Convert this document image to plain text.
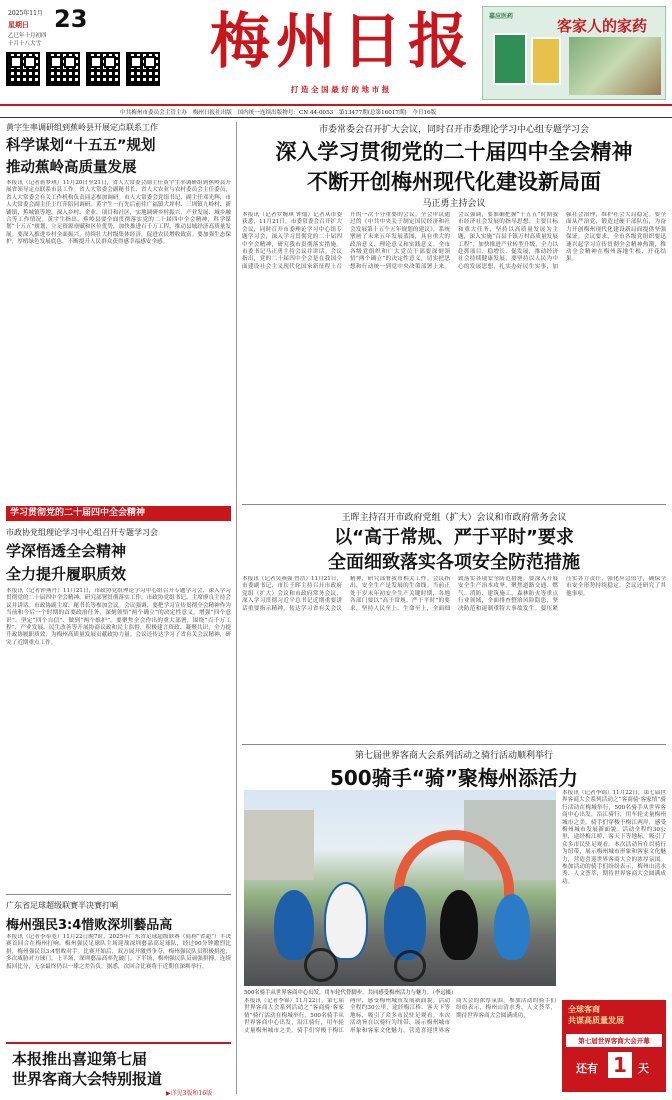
2025年11月 23
星期日
乙巳年十月初四
十月十八大雪	梅州日报
打 造 全 国 最 好 的 地 市 报
嘉应医药
客家人的家药
中共梅州市委员会主管主办　梅州日报社出版　国内统一连续出版物号：CN 44-0053　第13477期(总第16017期)　今日16版
黄宇生率调研组到蕉岭县开展定点联系工作
科学谋划“十五五”规划
推动蕉岭高质量发展
本报讯（记者蒋梦琪）11月20日至21日，省人大常委会副主任黄宇生率调研组到蕉岭县开展省领导定点联系市县工作。省人大常委会副秘书长、省人大农业与农村委员会主任委员，省人大常委会有关工作机构负责同志参加调研。市人大常委会党组书记、副主任邓光辉，市人大常委会副主任王红萍陪同调研。黄宇生一行先后前往广福镇大坪村、三圳镇九岭村、新铺镇、蕉城镇等地，深入乡村、企业、项目和社区，实地调研乡村振兴、产业发展、城乡融合等工作情况。黄宇生指出，蕉岭县要全面贯彻落实党的二十届四中全会精神，科学谋划“十五五”规划，立足资源禀赋和区位优势，加快推进百千万工程，推动县域经济高质量发展。要深入推进乡村全面振兴，持续壮大村级集体经济，促进农民增收致富。要加强生态保护，厚植绿色发展底色，不断提升人民群众获得感幸福感安全感。
学习贯彻党的二十届四中全会精神
市政协党组理论学习中心组召开专题学习会
学深悟透全会精神
全力提升履职质效
本报讯（记者钟燕丹）11月21日，市政协党组理论学习中心组召开专题学习会，深入学习贯彻党的二十届四中全会精神，研究部署贯彻落实工作。市政协党组书记、主席廖良主持会议并讲话。市政协副主席、秘书长等参加会议。会议强调，要把学习宣传贯彻全会精神作为当前和今后一个时期的首要政治任务，深刻领悟“两个确立”的决定性意义，增强“四个意识”、坚定“四个自信”、做到“两个维护”。要聚焦全会作出的重大部署，围绕“百千万工程”、产业发展、民生改善等开展协商议政和民主监督，积极建言资政、凝聚共识，全力提升政协履职质效，为梅州高质量发展贡献政协力量。会议还传达学习了省有关会议精神，研究了近期重点工作。
广东省足球超级联赛半决赛打响
梅州强民3:4惜败深圳藝品高
本报讯（记者李奉宽）11月22日晚7时，2025年广东省足球超级联赛（简称“省超”）半决赛首回合在梅州打响。梅州强民足球队主场迎战深圳藝品高足球队，经过90分钟激烈比拼，梅州强民以3:4惜败对手。比赛开始后，双方展开激烈争夺，梅州强民队员积极拼抢，多次威胁对方球门。上半场，深圳藝品高率先破门。下半场，梅州强民队员顽强拼搏，连续扳回比分，无奈最终仍以一球之差告负。据悉，次回合比赛将于近期在深圳举行。
本报推出喜迎第七届
世界客商大会特别报道
▶详见3版和16版
市委常委会召开扩大会议，同时召开市委理论学习中心组专题学习会
深入学习贯彻党的二十届四中全会精神
不断开创梅州现代化建设新局面
马正勇主持会议
本报讯（记者罗婉琪 钟灿）记者从市委获悉，11月21日，市委常委会召开扩大会议，同时召开市委理论学习中心组专题学习会，深入学习贯彻党的二十届四中全会精神，研究我市贯彻落实措施。市委书记马正勇主持会议并讲话。会议指出，党的二十届四中全会是在我国全面建设社会主义现代化国家新征程上召开的一次十分重要的会议。全会审议通过的《中共中央关于制定国民经济和社会发展第十五个五年规划的建议》，系统擘画了未来五年发展蓝图，具有重大的政治意义、理论意义和实践意义。全市各级党组织和广大党员干部要深刻领悟“两个确立”的决定性意义，切实把思想和行动统一到党中央决策部署上来。会议强调，要准确把握“十五五”时期我市经济社会发展的指导思想、主要目标和重大任务，坚持以高质量发展为主题，深入实施“百县千镇万村高质量发展工程”，加快推进产业转型升级，全力以赴抓项目、稳增长、促发展，推动经济社会持续健康发展。要坚持以人民为中心的发展思想，扎实办好民生实事，加强社会治理，维护社会大局稳定。要全面从严治党，锻造过硬干部队伍，为奋力开创梅州现代化建设新局面提供坚强保证。会议要求，全市各级党组织要迅速兴起学习宣传贯彻全会精神热潮，推动全会精神在梅州落地生根、开花结果。
王晖主持召开市政府党组（扩大）会议和市政府常务会议
以“高于常规、严于平时”要求
全面细致落实各项安全防范措施
本报讯（记者吴燕强 曾浩）11月21日，市委副书记、市长王晖主持召开市政府党组（扩大）会议和市政府常务会议，深入学习贯彻习近平总书记近期重要讲话重要指示精神，传达学习省有关会议精神，研究部署我市相关工作。会议指出，安全生产是发展的生命线。当前正处于岁末年初安全生产关键时期，各地各部门要以“高于常规、严于平时”的要求，坚持人民至上、生命至上，全面细致落实各项安全防范措施。要深入开展安全生产治本攻坚，聚焦道路交通、燃气、消防、建筑施工、森林防火等重点行业领域，全面排查整治风险隐患，坚决防范和遏制重特大事故发生。要压紧压实各方责任，强化应急值守，确保全市安全形势持续稳定。会议还研究了其他事项。
第七届世界客商大会系列活动之骑行活动顺利举行
500骑手“骑”聚梅州添活力
500名骑手从世界客商中心出发，用车轮代替脚步，共同感受梅州活力与魅力。（李远摄）
本报讯（记者李锦）11月22日，第七届世界客商大会系列活动之“客商骑·客家情”骑行活动在梅城举行，500名骑手从世界客商中心出发，沿江骑行，用车轮丈量梅州城市之美。骑手们穿梭于梅江两岸，感受梅州城市发展新面貌。活动全程约30公里，途经梅江桥、客天下等地标，吸引了众多市民驻足观看。本次活动旨在以骑行为纽带，展示梅州城市形象和客家文化魅力，营造喜迎世界客商大会的浓厚氛围。参加活动的骑手们纷纷表示，梅州山清水秀、人文荟萃，期待世界客商大会圆满成功。
本报讯（记者李锦）11月22日，第七届世界客商大会系列活动之“客商骑·客家情”骑行活动在梅城举行，500名骑手从世界客商中心出发，沿江骑行，用车轮丈量梅州城市之美。骑手们穿梭于梅江两岸，感受梅州城市发展新面貌。活动全程约30公里，途经梅江桥、客天下等地标，吸引了众多市民驻足观看。本次活动旨在以骑行为纽带，展示梅州城市形象和客家文化魅力，营造喜迎世界客商大会的浓厚氛围。参加活动的骑手们纷纷表示，梅州山清水秀、人文荟萃，期待世界客商大会圆满成功。
全球客商
共谋高质量发展
第七届世界客商大会开幕
还有 1	天
